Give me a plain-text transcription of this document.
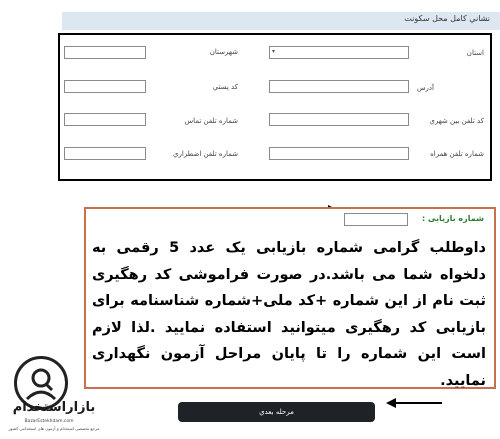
نشاني كامل محل سكونت
استان
▾
شهرستان
آدرس
كد پستي
كد تلفن بين شهري
شماره تلفن تماس
شماره تلفن همراه
شماره تلفن اضطراري
شماره بازیابی :
داوطلب گرامی شماره بازیابی یک عدد 5 رقمی به دلخواه شما می باشد.در صورت فراموشی کد رهگیری ثبت نام از این شماره +کد ملی+شماره شناسنامه برای بازیابی کد رهگیری میتوانید استفاده نمایید .لذا لازم است این شماره را تا پایان مراحل آزمون نگهداری نمایید.
مرحله بعدي
بازاراستخدام
BazarEstekhdam.com
مرجع تخصصی استخدام و آزمون های استخدامی کشور
